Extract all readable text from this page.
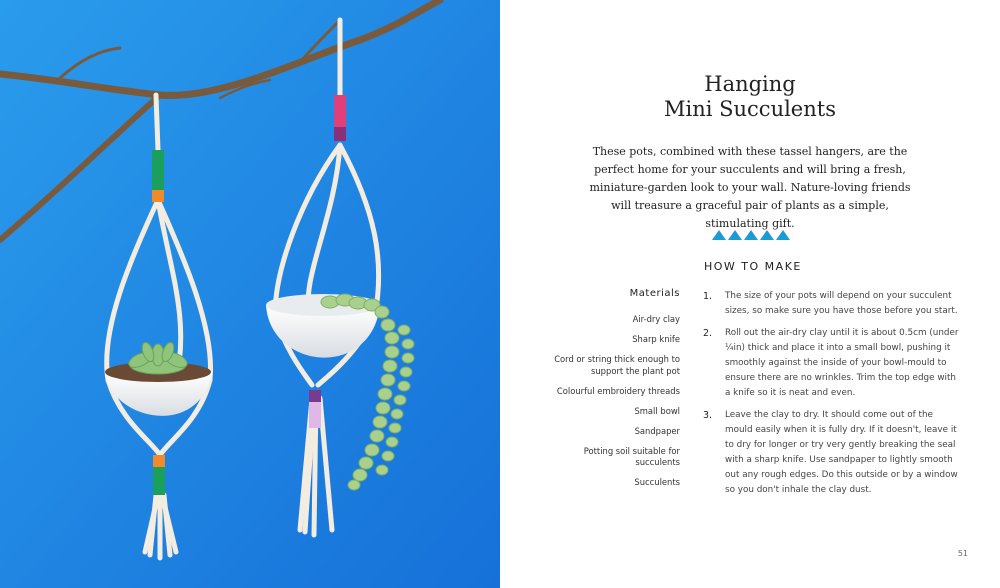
Hanging
Mini Succulents
These pots, combined with these tassel hangers, are the perfect home for your succulents and will bring a fresh, miniature-garden look to your wall. Nature-loving friends will treasure a graceful pair of plants as a simple, stimulating gift.
HOW TO MAKE
Materials
Air-dry clay
Sharp knife
Cord or string thick enough to support the plant pot
Colourful embroidery threads
Small bowl
Sandpaper
Potting soil suitable for succulents
Succulents
1. The size of your pots will depend on your succulent sizes, so make sure you have those before you start.
2. Roll out the air-dry clay until it is about 0.5cm (under ¼in) thick and place it into a small bowl, pushing it smoothly against the inside of your bowl-mould to ensure there are no wrinkles. Trim the top edge with a knife so it is neat and even.
3. Leave the clay to dry. It should come out of the mould easily when it is fully dry. If it doesn't, leave it to dry for longer or try very gently breaking the seal with a sharp knife. Use sandpaper to lightly smooth out any rough edges. Do this outside or by a window so you don't inhale the clay dust.
51
